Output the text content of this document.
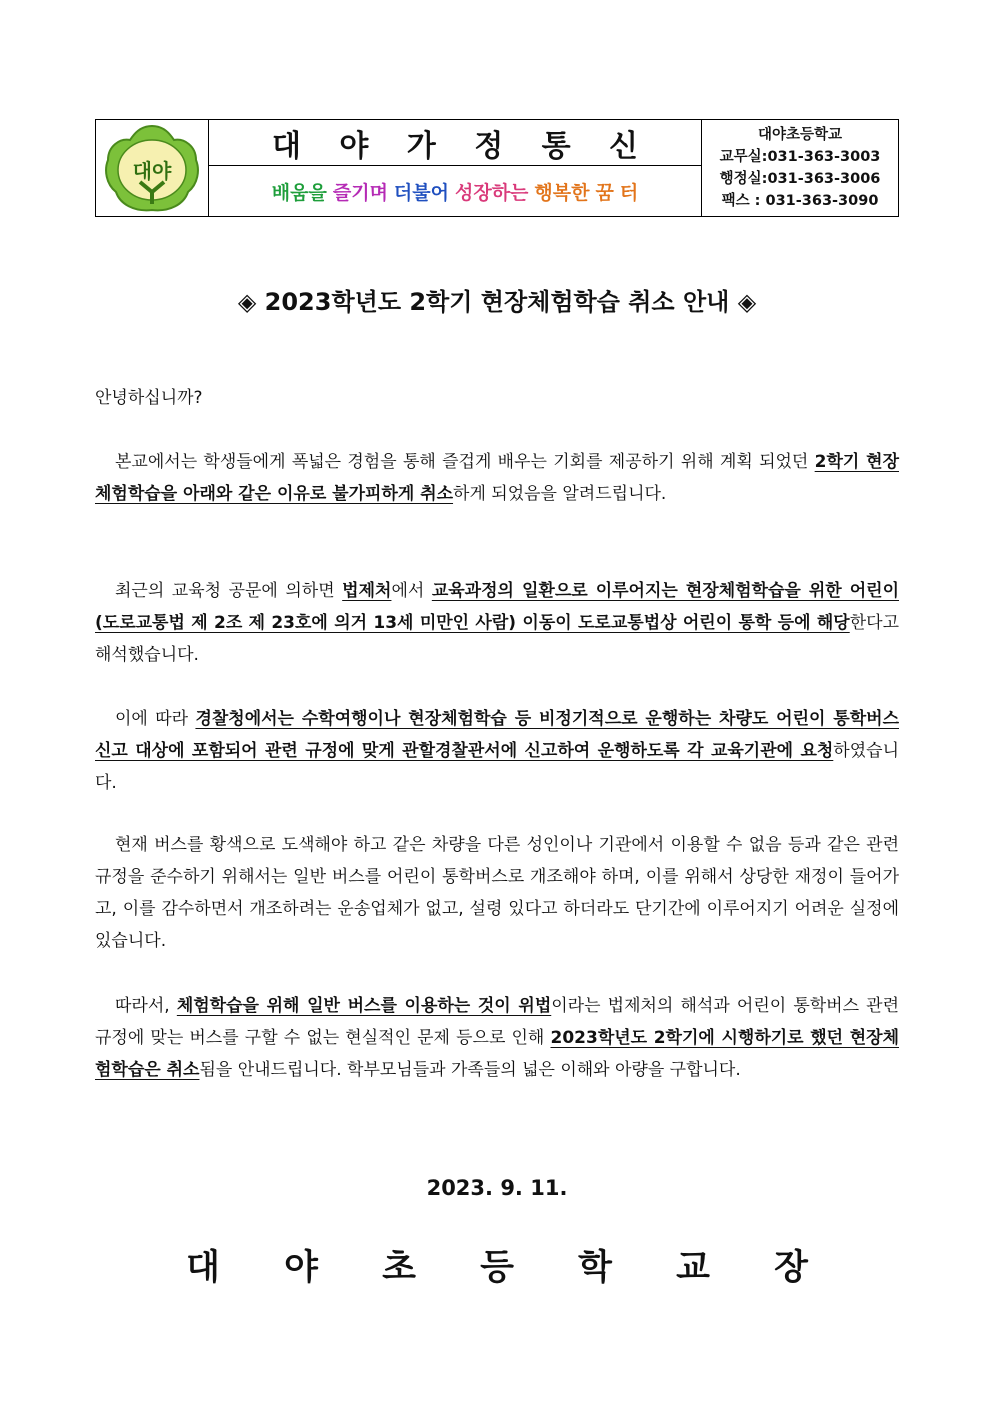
대야
대 야 가 정 통 신
배움을 즐기며 더불어 성장하는 행복한 꿈 터
대야초등학교
교무실:031-363-3003
행정실:031-363-3006
팩스 : 031-363-3090
◈ 2023학년도 2학기 현장체험학습 취소 안내 ◈
안녕하십니까?
본교에서는 학생들에게 폭넓은 경험을 통해 즐겁게 배우는 기회를 제공하기 위해 계획 되었던 2학기 현장체험학습을 아래와 같은 이유로 불가피하게 취소하게 되었음을 알려드립니다.
최근의 교육청 공문에 의하면 법제처에서 교육과정의 일환으로 이루어지는 현장체험학습을 위한 어린이(도로교통법 제 2조 제 23호에 의거 13세 미만인 사람) 이동이 도로교통법상 어린이 통학 등에 해당한다고 해석했습니다.
이에 따라 경찰청에서는 수학여행이나 현장체험학습 등 비정기적으로 운행하는 차량도 어린이 통학버스 신고 대상에 포함되어 관련 규정에 맞게 관할경찰관서에 신고하여 운행하도록 각 교육기관에 요청하였습니다.
현재 버스를 황색으로 도색해야 하고 같은 차량을 다른 성인이나 기관에서 이용할 수 없음 등과 같은 관련 규정을 준수하기 위해서는 일반 버스를 어린이 통학버스로 개조해야 하며, 이를 위해서 상당한 재정이 들어가고, 이를 감수하면서 개조하려는 운송업체가 없고, 설령 있다고 하더라도 단기간에 이루어지기 어려운 실정에 있습니다.
따라서, 체험학습을 위해 일반 버스를 이용하는 것이 위법이라는 법제처의 해석과 어린이 통학버스 관련 규정에 맞는 버스를 구할 수 없는 현실적인 문제 등으로 인해 2023학년도 2학기에 시행하기로 했던 현장체험학습은 취소됨을 안내드립니다. 학부모님들과 가족들의 넓은 이해와 아량을 구합니다.
2023. 9. 11.
대 야 초 등 학 교 장
